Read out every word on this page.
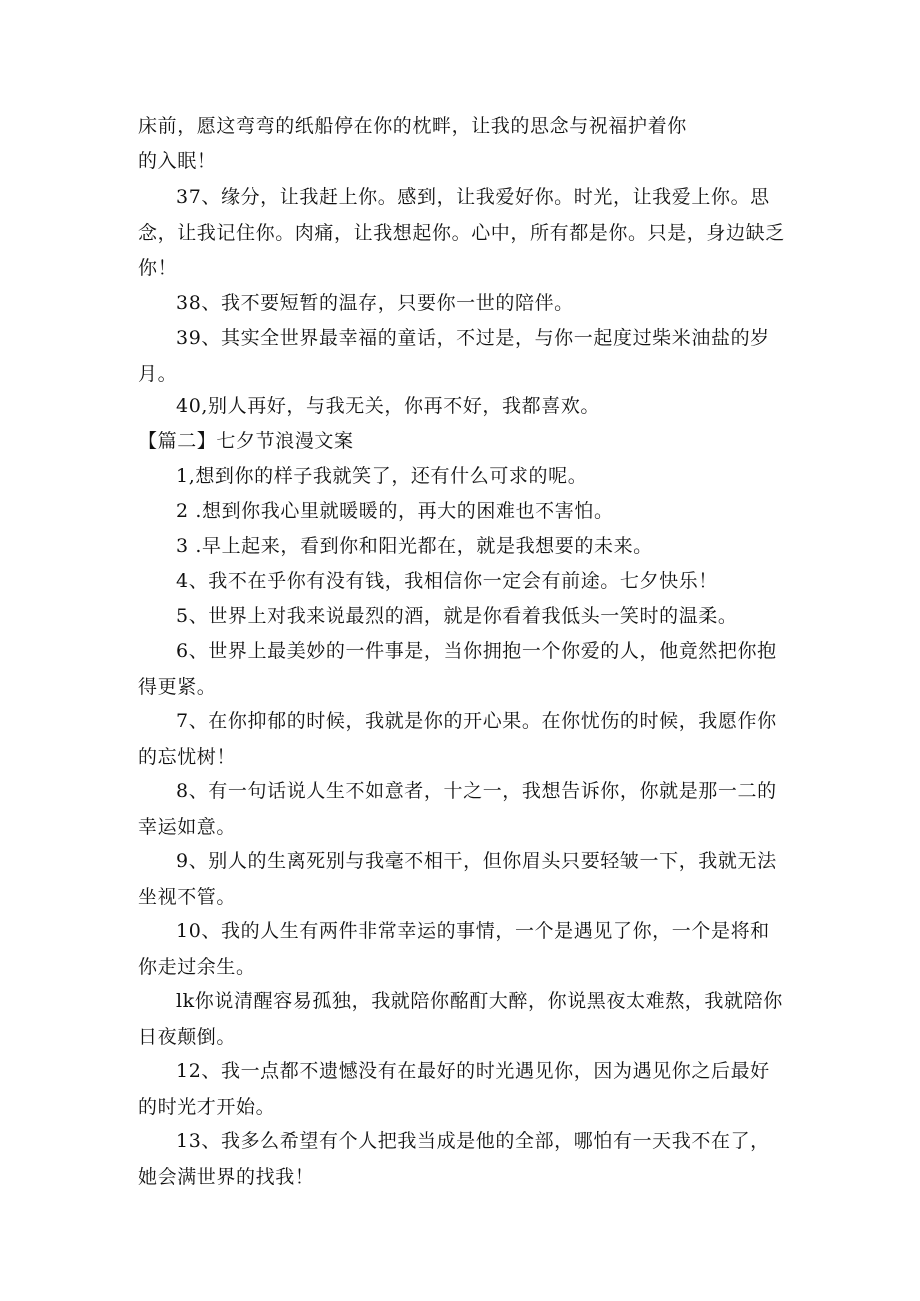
床前，愿这弯弯的纸船停在你的枕畔，让我的思念与祝福护着你

的入眠！

37、缘分，让我赶上你。感到，让我爱好你。时光，让我爱上你。思念，让我记住你。肉痛，让我想起你。心中，所有都是你。只是，身边缺乏你！

38、我不要短暂的温存，只要你一世的陪伴。

39、其实全世界最幸福的童话，不过是，与你一起度过柴米油盐的岁月。

40,别人再好，与我无关，你再不好，我都喜欢。

【篇二】七夕节浪漫文案

1,想到你的样子我就笑了，还有什么可求的呢。

2 .想到你我心里就暖暖的，再大的困难也不害怕。

3 .早上起来，看到你和阳光都在，就是我想要的未来。

4、我不在乎你有没有钱，我相信你一定会有前途。七夕快乐！

5、世界上对我来说最烈的酒，就是你看着我低头一笑时的温柔。

6、世界上最美妙的一件事是，当你拥抱一个你爱的人，他竟然把你抱得更紧。

7、在你抑郁的时候，我就是你的开心果。在你忧伤的时候，我愿作你的忘忧树！

8、有一句话说人生不如意者，十之一，我想告诉你，你就是那一二的幸运如意。

9、别人的生离死别与我毫不相干，但你眉头只要轻皱一下，我就无法坐视不管。

10、我的人生有两件非常幸运的事情，一个是遇见了你，一个是将和你走过余生。

lk你说清醒容易孤独，我就陪你酩酊大醉，你说黑夜太难熬，我就陪你日夜颠倒。

12、我一点都不遗憾没有在最好的时光遇见你，因为遇见你之后最好的时光才开始。

13、我多么希望有个人把我当成是他的全部，哪怕有一天我不在了，她会满世界的找我！
